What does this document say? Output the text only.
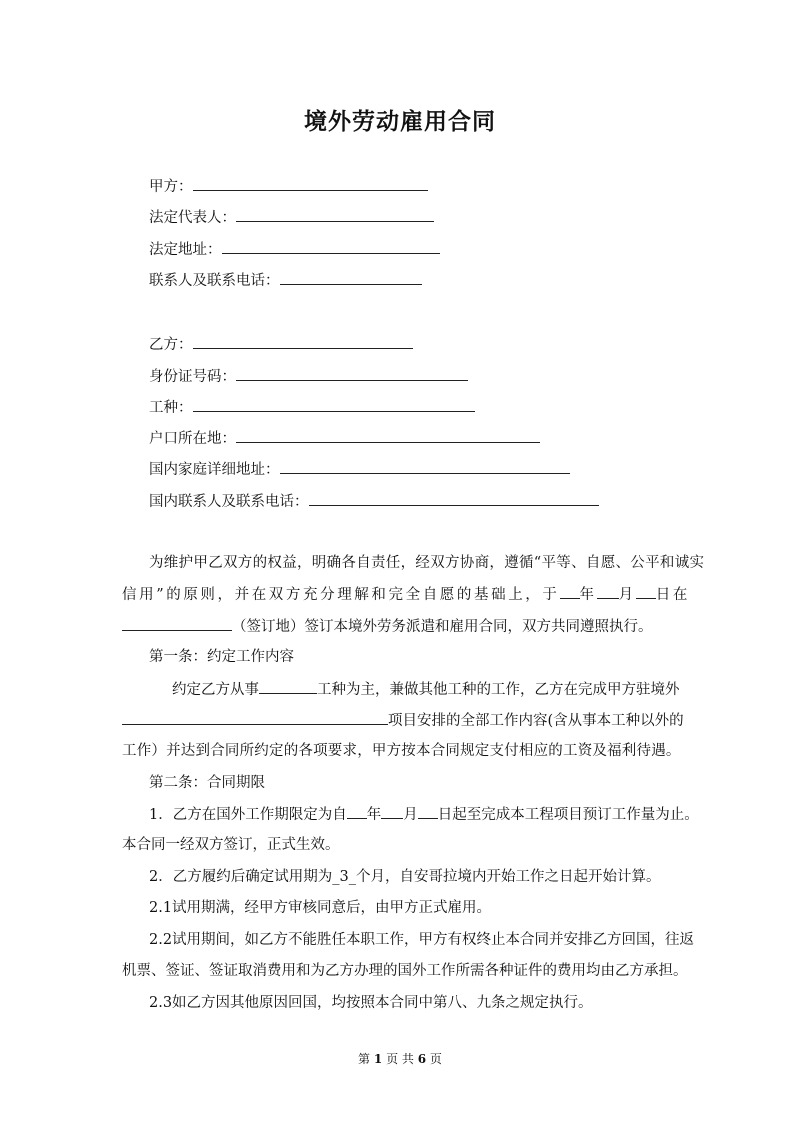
境外劳动雇用合同
甲方：
法定代表人：
法定地址：
联系人及联系电话：
乙方：
身份证号码：
工种：
户口所在地：
国内家庭详细地址：
国内联系人及联系电话：
为维护甲乙双方的权益，明确各自责任，经双方协商，遵循“平等、自愿、公平和诚实
信用”的原则，并在双方充分理解和完全自愿的基础上，于 年 月 日在
（签订地）签订本境外劳务派遣和雇用合同，双方共同遵照执行。
第一条：约定工作内容
约定乙方从事	工种为主，兼做其他工种的工作，乙方在完成甲方驻境外
项目安排的全部工作内容(含从事本工种以外的
工作）并达到合同所约定的各项要求，甲方按本合同规定支付相应的工资及福利待遇。
第二条：合同期限
1．乙方在国外工作期限定为自 年 月 日起至完成本工程项目预订工作量为止。
本合同一经双方签订，正式生效。
2．乙方履约后确定试用期为_3_个月，自安哥拉境内开始工作之日起开始计算。
2.1试用期满，经甲方审核同意后，由甲方正式雇用。
2.2试用期间，如乙方不能胜任本职工作，甲方有权终止本合同并安排乙方回国，往返
机票、签证、签证取消费用和为乙方办理的国外工作所需各种证件的费用均由乙方承担。
2.3如乙方因其他原因回国，均按照本合同中第八、九条之规定执行。
第 1 页 共 6 页
